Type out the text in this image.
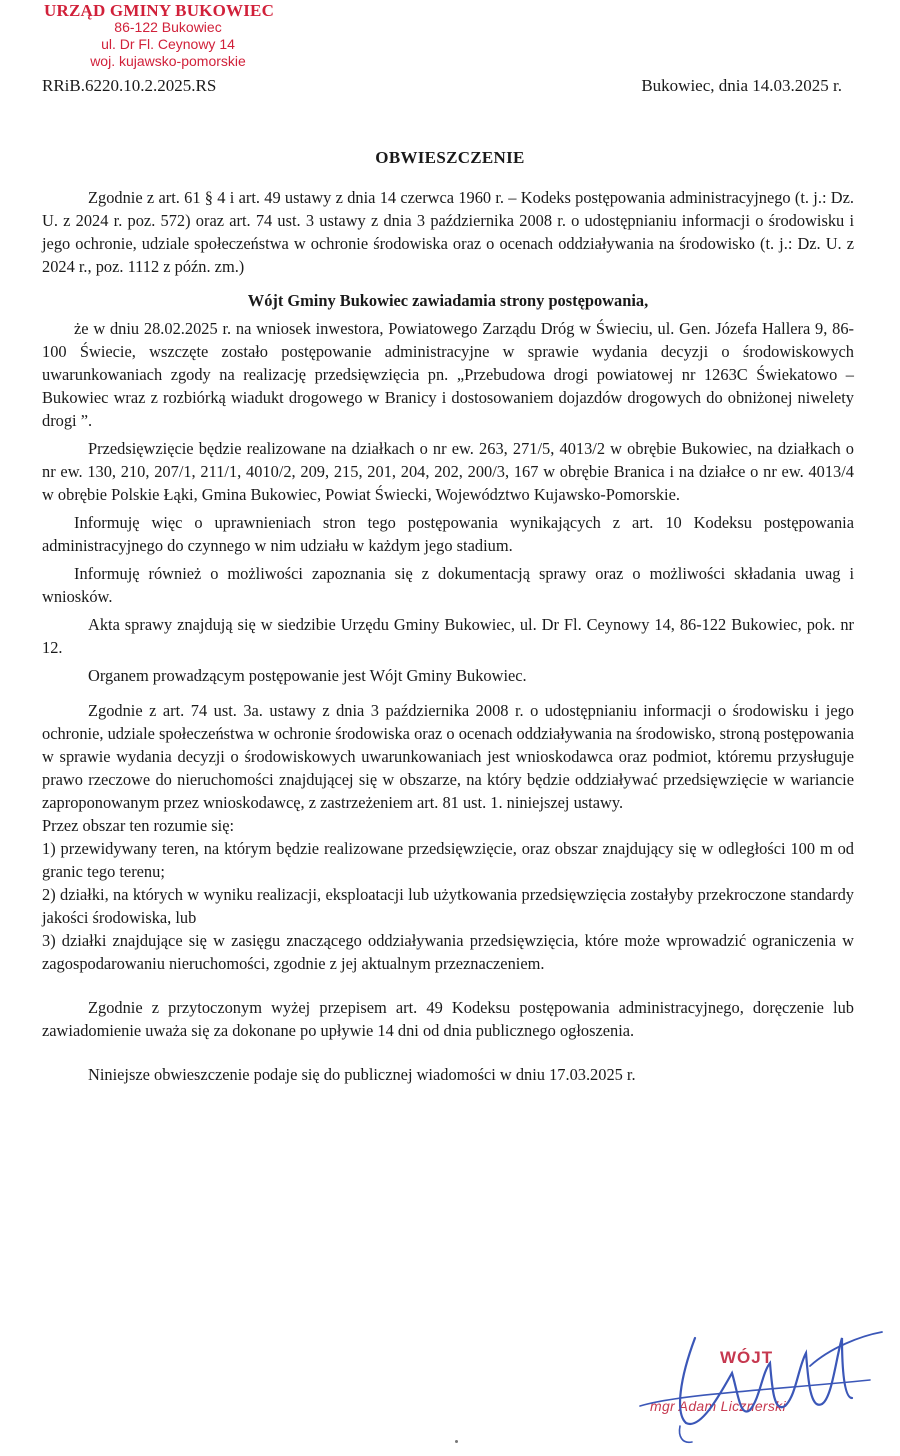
URZĄD GMINY BUKOWIEC
86-122 Bukowiec
ul. Dr Fl. Ceynowy 14
woj. kujawsko-pomorskie
RRiB.6220.10.2.2025.RS	Bukowiec, dnia 14.03.2025 r.
OBWIESZCZENIE

Zgodnie z art. 61 § 4 i art. 49 ustawy z dnia 14 czerwca 1960 r. – Kodeks postępowania administracyjnego (t. j.: Dz. U. z 2024 r. poz. 572) oraz art. 74 ust. 3 ustawy z dnia 3 października 2008 r. o udostępnianiu informacji o środowisku i jego ochronie, udziale społeczeństwa w ochronie środowiska oraz o ocenach oddziaływania na środowisko (t. j.: Dz. U. z 2024 r., poz. 1112 z późn. zm.)

Wójt Gminy Bukowiec zawiadamia strony postępowania,

że w dniu 28.02.2025 r. na wniosek inwestora, Powiatowego Zarządu Dróg w Świeciu, ul. Gen. Józefa Hallera 9, 86-100 Świecie, wszczęte zostało postępowanie administracyjne w sprawie wydania decyzji o środowiskowych uwarunkowaniach zgody na realizację przedsięwzięcia pn. „Przebudowa drogi powiatowej nr 1263C Świekatowo – Bukowiec wraz z rozbiórką wiadukt drogowego w Branicy i dostosowaniem dojazdów drogowych do obniżonej niwelety drogi ”.

Przedsięwzięcie będzie realizowane na działkach o nr ew. 263, 271/5, 4013/2 w obrębie Bukowiec, na działkach o nr ew. 130, 210, 207/1, 211/1, 4010/2, 209, 215, 201, 204, 202, 200/3, 167 w obrębie Branica i na działce o nr ew. 4013/4 w obrębie Polskie Łąki, Gmina Bukowiec, Powiat Świecki, Województwo Kujawsko-Pomorskie.

Informuję więc o uprawnieniach stron tego postępowania wynikających z art. 10 Kodeksu postępowania administracyjnego do czynnego w nim udziału w każdym jego stadium.

Informuję również o możliwości zapoznania się z dokumentacją sprawy oraz o możliwości składania uwag i wniosków.

Akta sprawy znajdują się w siedzibie Urzędu Gminy Bukowiec, ul. Dr Fl. Ceynowy 14, 86-122 Bukowiec, pok. nr 12.

Organem prowadzącym postępowanie jest Wójt Gminy Bukowiec.

Zgodnie z art. 74 ust. 3a. ustawy z dnia 3 października 2008 r. o udostępnianiu informacji o środowisku i jego ochronie, udziale społeczeństwa w ochronie środowiska oraz o ocenach oddziaływania na środowisko, stroną postępowania w sprawie wydania decyzji o środowiskowych uwarunkowaniach jest wnioskodawca oraz podmiot, któremu przysługuje prawo rzeczowe do nieruchomości znajdującej się w obszarze, na który będzie oddziaływać przedsięwzięcie w wariancie zaproponowanym przez wnioskodawcę, z zastrzeżeniem art. 81 ust. 1. niniejszej ustawy.

Przez obszar ten rozumie się:

1) przewidywany teren, na którym będzie realizowane przedsięwzięcie, oraz obszar znajdujący się w odległości 100 m od granic tego terenu;

2) działki, na których w wyniku realizacji, eksploatacji lub użytkowania przedsięwzięcia zostałyby przekroczone standardy jakości środowiska, lub

3) działki znajdujące się w zasięgu znaczącego oddziaływania przedsięwzięcia, które może wprowadzić ograniczenia w zagospodarowaniu nieruchomości, zgodnie z jej aktualnym przeznaczeniem.

Zgodnie z przytoczonym wyżej przepisem art. 49 Kodeksu postępowania administracyjnego, doręczenie lub zawiadomienie uważa się za dokonane po upływie 14 dni od dnia publicznego ogłoszenia.

Niniejsze obwieszczenie podaje się do publicznej wiadomości w dniu 17.03.2025 r.

WÓJT
mgr Adam Licznerski
